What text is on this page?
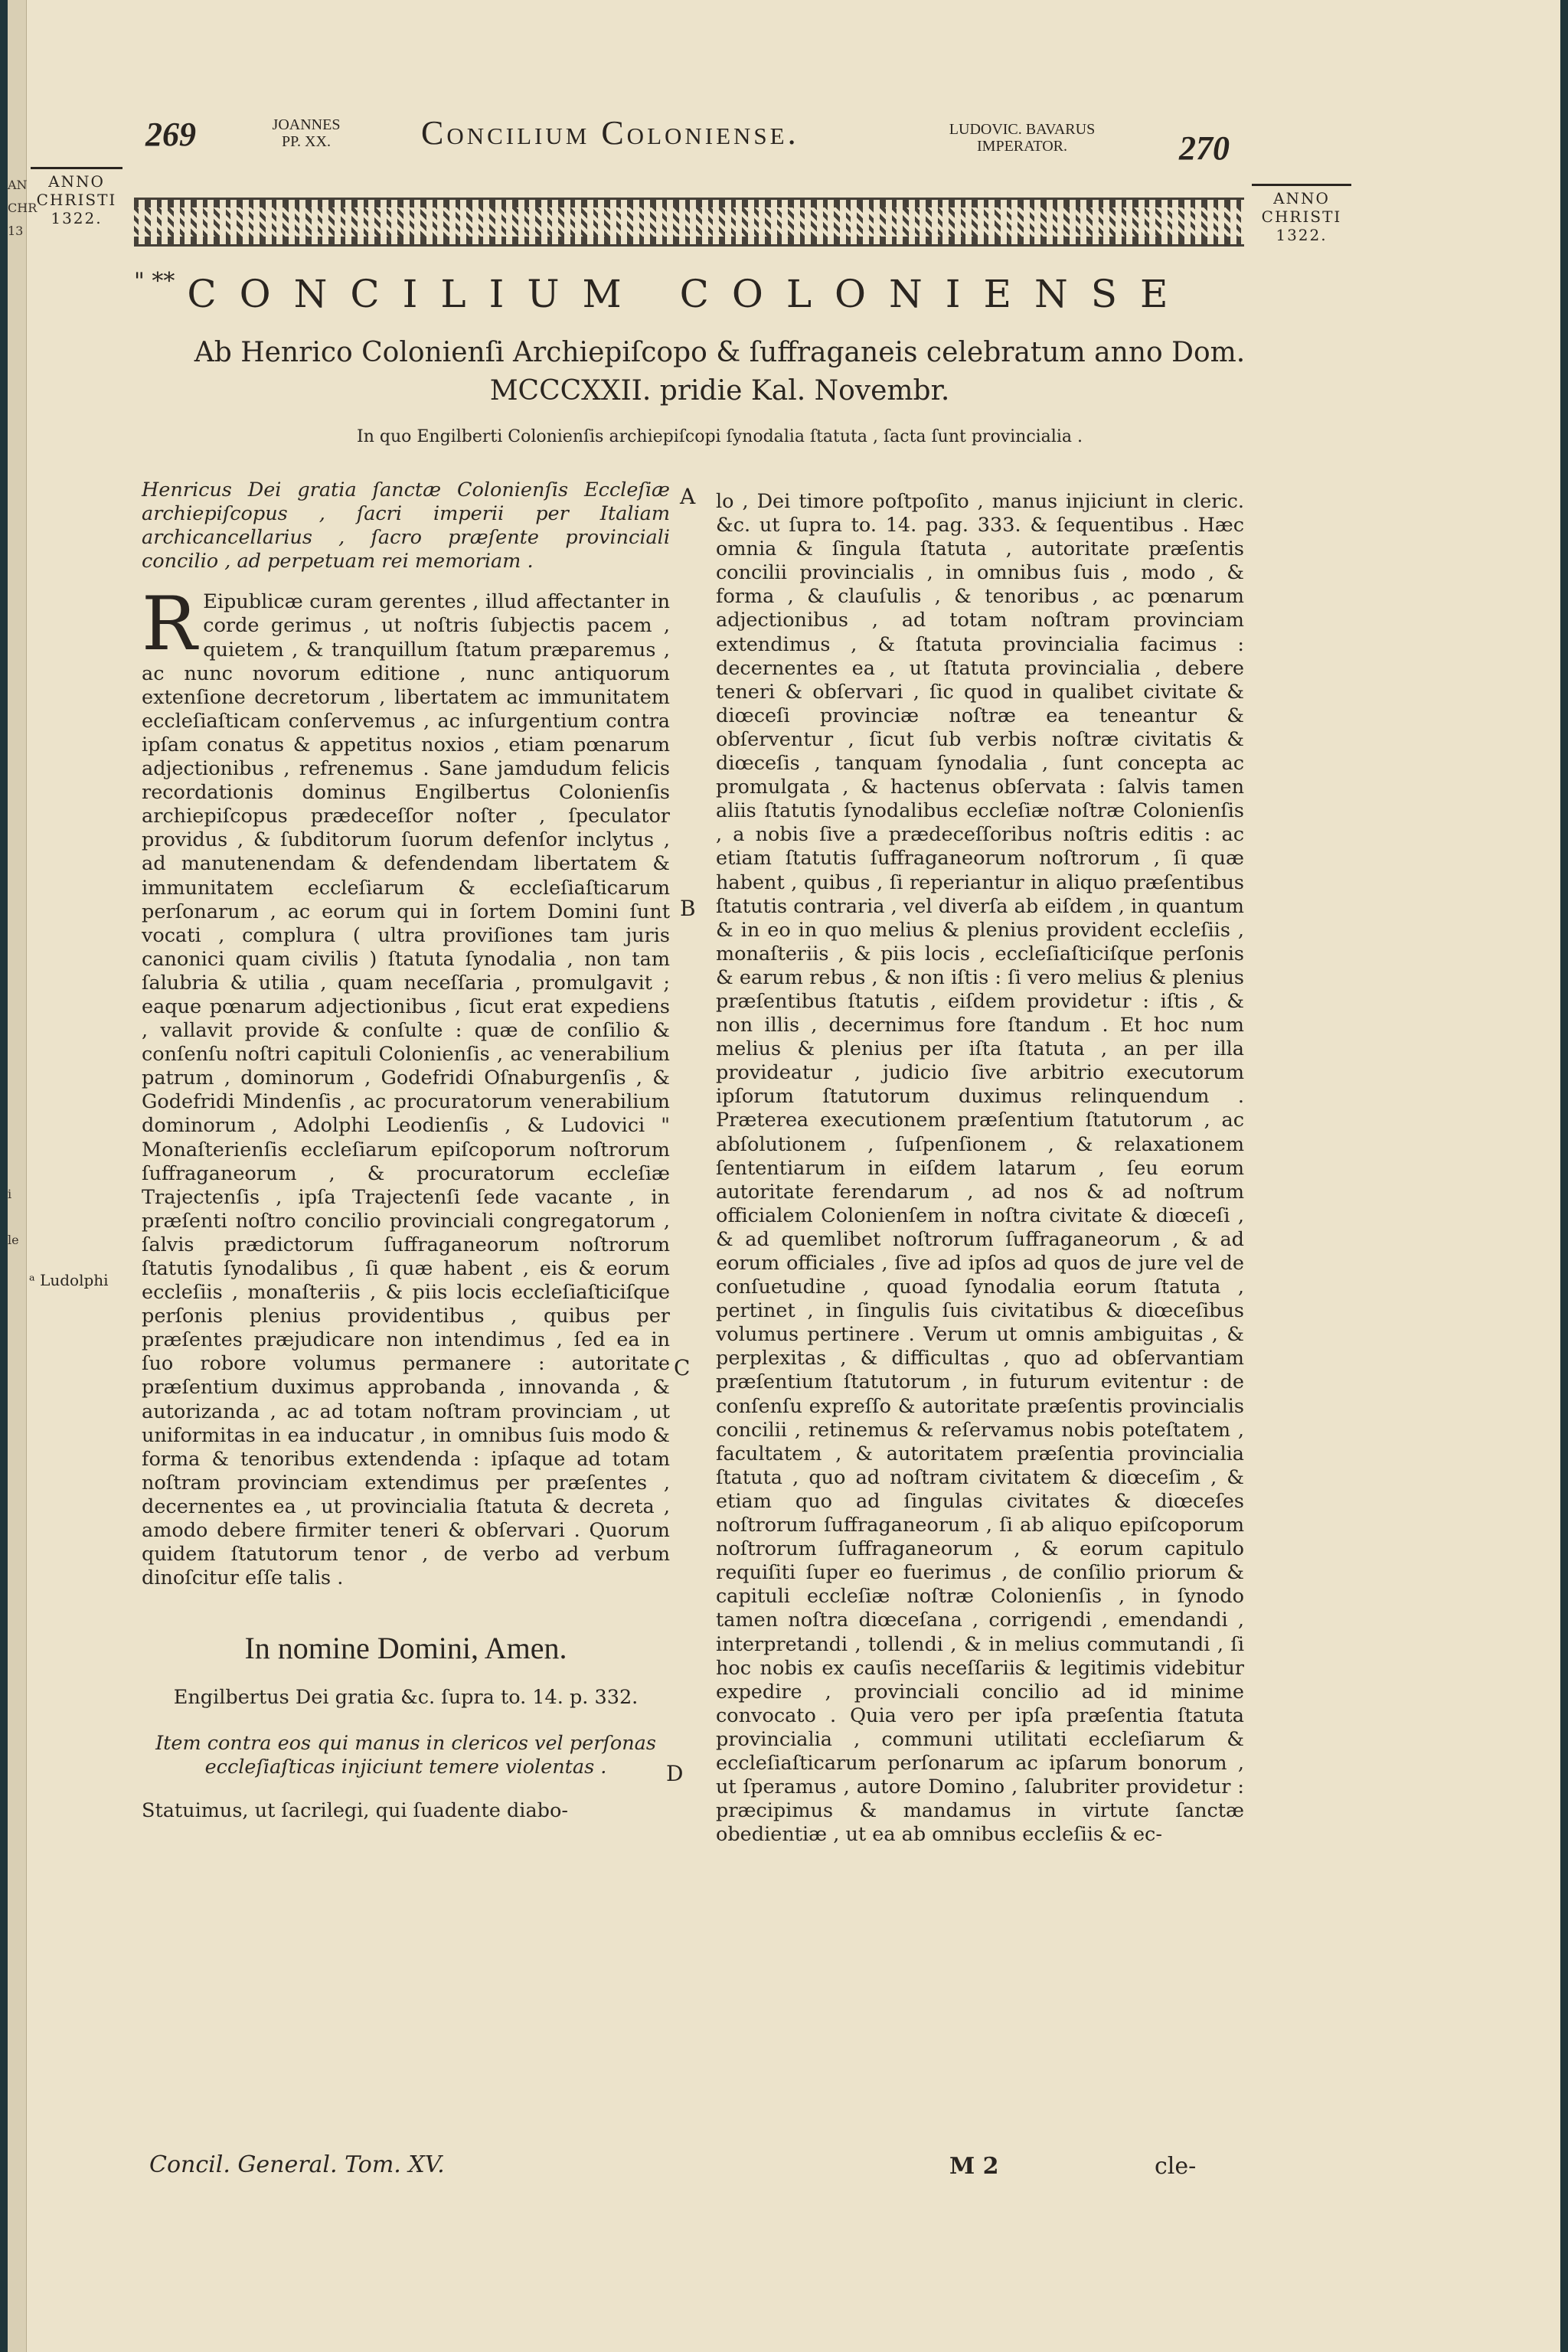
AN
CHR
13
i
le
269	JOANNES
PP. XX.	Concilium Coloniense.	LUDOVIC. BAVARUS
IMPERATOR.	270
ANNO
CHRISTI
1322.
ANNO
CHRISTI
1322.
" ** CONCILIUM COLONIENSE
Ab Henrico Colonienſi Archiepiſcopo & ſuffraganeis celebratum anno Dom.
MCCCXXII. pridie Kal. Novembr.
In quo Engilberti Colonienſis archiepiſcopi ſynodalia ſtatuta , ſacta ſunt provincialia .

Henricus Dei gratia ſanctæ Colonienſis Eccleſiæ archiepiſcopus , ſacri imperii per Italiam archicancellarius , ſacro præſente provinciali concilio , ad perpetuam rei memoriam .

R Eipublicæ curam gerentes , illud affectanter in corde gerimus , ut noſtris ſubjectis pacem , quietem , & tranquillum ſtatum præparemus , ac nunc novorum editione , nunc antiquorum extenſione decretorum , libertatem ac immunitatem eccleſiaſticam conſervemus , ac inſurgentium contra ipſam conatus & appetitus noxios , etiam pœnarum adjectionibus , refrenemus . Sane jamdudum felicis recordationis dominus Engilbertus Colonienſis archiepiſcopus prædeceſſor noſter , ſpeculator providus , & ſubditorum ſuorum defenſor inclytus , ad manutenendam & defendendam libertatem & immunitatem eccleſiarum & eccleſiaſticarum perſonarum , ac eorum qui in ſortem Domini ſunt vocati , complura ( ultra proviſiones tam juris canonici quam civilis ) ſtatuta ſynodalia , non tam ſalubria & utilia , quam neceſſaria , promulgavit ; eaque pœnarum adjectionibus , ſicut erat expediens , vallavit provide & conſulte : quæ de conſilio & conſenſu noſtri capituli Colonienſis , ac venerabilium patrum , dominorum , Godefridi Oſnaburgenſis , & Godefridi Mindenſis , ac procuratorum venerabilium dominorum , Adolphi Leodienſis , & Ludovici " Monaſterienſis eccleſiarum epiſcoporum noſtrorum ſuffraganeorum , & procuratorum eccleſiæ Trajectenſis , ipſa Trajectenſi ſede vacante , in præſenti noſtro concilio provinciali congregatorum , ſalvis prædictorum ſuffraganeorum noſtrorum ſtatutis ſynodalibus , ſi quæ habent , eis & eorum eccleſiis , monaſteriis , & piis locis eccleſiaſticiſque perſonis plenius providentibus , quibus per præſentes præjudicare non intendimus , ſed ea in ſuo robore volumus permanere : autoritate præſentium duximus approbanda , innovanda , & autorizanda , ac ad totam noſtram provinciam , ut uniformitas in ea inducatur , in omnibus ſuis modo & forma & tenoribus extendenda : ipſaque ad totam noſtram provinciam extendimus per præſentes , decernentes ea , ut provincialia ſtatuta & decreta , amodo debere firmiter teneri & obſervari . Quorum quidem ſtatutorum tenor , de verbo ad verbum dinoſcitur eſſe talis .

In nomine Domini, Amen.

Engilbertus Dei gratia &c. ſupra to. 14. p. 332.

Item contra eos qui manus in clericos vel perſonas eccleſiaſticas injiciunt temere violentas .

Statuimus, ut ſacrilegi, qui ſuadente diabo-

Concil. General. Tom. XV.

lo , Dei timore poſtpoſito , manus injiciunt in cleric. &c. ut ſupra to. 14. pag. 333. & ſequentibus . Hæc omnia & ſingula ſtatuta , autoritate præſentis concilii provincialis , in omnibus ſuis , modo , & forma , & clauſulis , & tenoribus , ac pœnarum adjectionibus , ad totam noſtram provinciam extendimus , & ſtatuta provincialia facimus : decernentes ea , ut ſtatuta provincialia , debere teneri & obſervari , ſic quod in qualibet civitate & diœceſi provinciæ noſtræ ea teneantur & obſerventur , ſicut ſub verbis noſtræ civitatis & diœceſis , tanquam ſynodalia , ſunt concepta ac promulgata , & hactenus obſervata : ſalvis tamen aliis ſtatutis ſynodalibus eccleſiæ noſtræ Colonienſis , a nobis ſive a prædeceſſoribus noſtris editis : ac etiam ſtatutis ſuffraganeorum noſtrorum , ſi quæ habent , quibus , ſi reperiantur in aliquo præſentibus ſtatutis contraria , vel diverſa ab eiſdem , in quantum & in eo in quo melius & plenius provident eccleſiis , monaſteriis , & piis locis , eccleſiaſticiſque perſonis & earum rebus , & non iſtis : ſi vero melius & plenius præſentibus ſtatutis , eiſdem providetur : iſtis , & non illis , decernimus fore ſtandum . Et hoc num melius & plenius per iſta ſtatuta , an per illa provideatur , judicio ſive arbitrio executorum ipſorum ſtatutorum duximus relinquendum . Præterea executionem præſentium ſtatutorum , ac abſolutionem , ſuſpenſionem , & relaxationem ſententiarum in eiſdem latarum , ſeu eorum autoritate ferendarum , ad nos & ad noſtrum officialem Colonienſem in noſtra civitate & diœceſi , & ad quemlibet noſtrorum ſuffraganeorum , & ad eorum officiales , ſive ad ipſos ad quos de jure vel de conſuetudine , quoad ſynodalia eorum ſtatuta , pertinet , in ſingulis ſuis civitatibus & diœceſibus volumus pertinere . Verum ut omnis ambiguitas , & perplexitas , & difficultas , quo ad obſervantiam præſentium ſtatutorum , in futurum evitentur : de conſenſu expreſſo & autoritate præſentis provincialis concilii , retinemus & reſervamus nobis poteſtatem , facultatem , & autoritatem præſentia provincialia ſtatuta , quo ad noſtram civitatem & diœceſim , & etiam quo ad ſingulas civitates & diœceſes noſtrorum ſuffraganeorum , ſi ab aliquo epiſcoporum noſtrorum ſuffraganeorum , & eorum capitulo requiſiti ſuper eo fuerimus , de conſilio priorum & capituli eccleſiæ noſtræ Colonienſis , in ſynodo tamen noſtra diœceſana , corrigendi , emendandi , interpretandi , tollendi , & in melius commutandi , ſi hoc nobis ex cauſis neceſſariis & legitimis videbitur expedire , provinciali concilio ad id minime convocato . Quia vero per ipſa præſentia ſtatuta provincialia , communi utilitati eccleſiarum & eccleſiaſticarum perſonarum ac ipſarum bonorum , ut ſperamus , autore Domino , ſalubriter providetur : præcipimus & mandamus in virtute ſanctæ obedientiæ , ut ea ab omnibus eccleſiis & ec-

M 2	cle-
A
B
C
D
ᵃ Ludolphi
